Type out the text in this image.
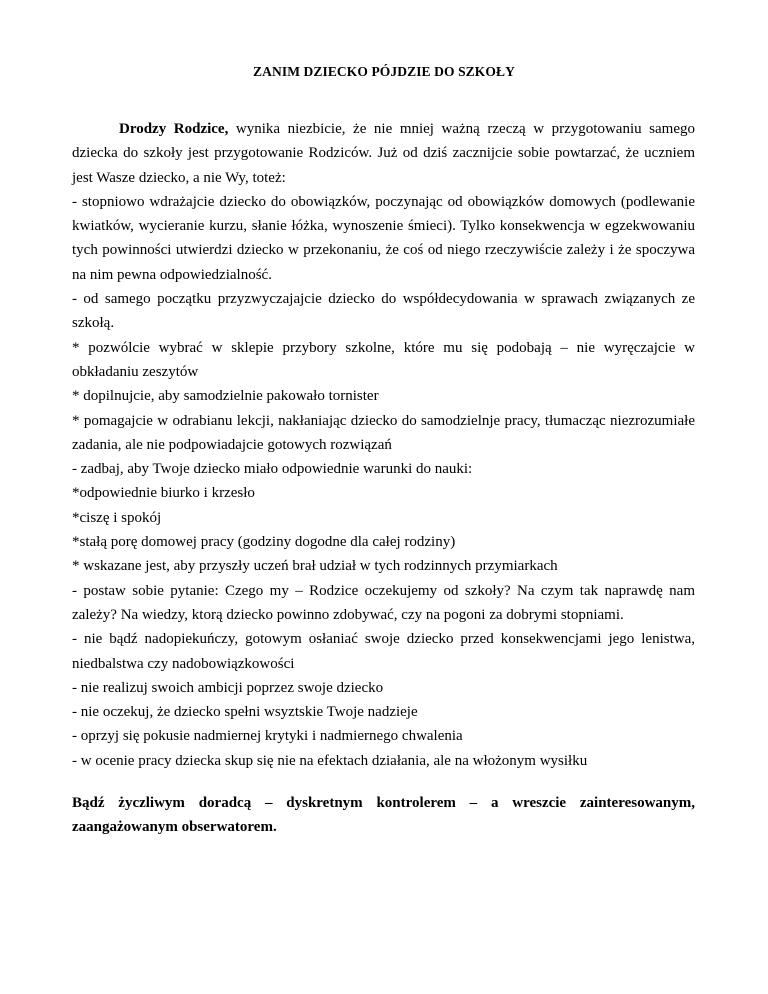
ZANIM DZIECKO PÓJDZIE DO SZKOŁY

Drodzy Rodzice, wynika niezbicie, że nie mniej ważną rzeczą w przygotowaniu samego dziecka do szkoły jest przygotowanie Rodziców. Już od dziś zacznijcie sobie powtarzać, że uczniem jest Wasze dziecko, a nie Wy, toteż:

- stopniowo wdrażajcie dziecko do obowiązków, poczynając od obowiązków domowych (podlewanie kwiatków, wycieranie kurzu, słanie łóżka, wynoszenie śmieci). Tylko konsekwencja w egzekwowaniu tych powinności utwierdzi dziecko w przekonaniu, że coś od niego rzeczywiście zależy i że spoczywa na nim pewna odpowiedzialność.

- od samego początku przyzwyczajajcie dziecko do współdecydowania w sprawach związanych ze szkołą.

* pozwólcie wybrać w sklepie przybory szkolne, które mu się podobają – nie wyręczajcie w obkładaniu zeszytów

* dopilnujcie, aby samodzielnie pakowało tornister

* pomagajcie w odrabianu lekcji, nakłaniając dziecko do samodzielnje pracy, tłumacząc niezrozumiałe zadania, ale nie podpowiadajcie gotowych rozwiązań

- zadbaj, aby Twoje dziecko miało odpowiednie warunki do nauki:

*odpowiednie biurko i krzesło

*ciszę i spokój

*stałą porę domowej pracy (godziny dogodne dla całej rodziny)

* wskazane jest, aby przyszły uczeń brał udział w tych rodzinnych przymiarkach

- postaw sobie pytanie: Czego my – Rodzice oczekujemy od szkoły? Na czym tak naprawdę nam zależy? Na wiedzy, ktorą dziecko powinno zdobywać, czy na pogoni za dobrymi stopniami.

- nie bądź nadopiekuńczy, gotowym osłaniać swoje dziecko przed konsekwencjami jego lenistwa, niedbalstwa czy nadobowiązkowości

- nie realizuj swoich ambicji poprzez swoje dziecko

- nie oczekuj, że dziecko spełni wsyztskie Twoje nadzieje

- oprzyj się pokusie nadmiernej krytyki i nadmiernego chwalenia

- w ocenie pracy dziecka skup się nie na efektach działania, ale na włożonym wysiłku

Bądź życzliwym doradcą – dyskretnym kontrolerem – a wreszcie zainteresowanym, zaangażowanym obserwatorem.
